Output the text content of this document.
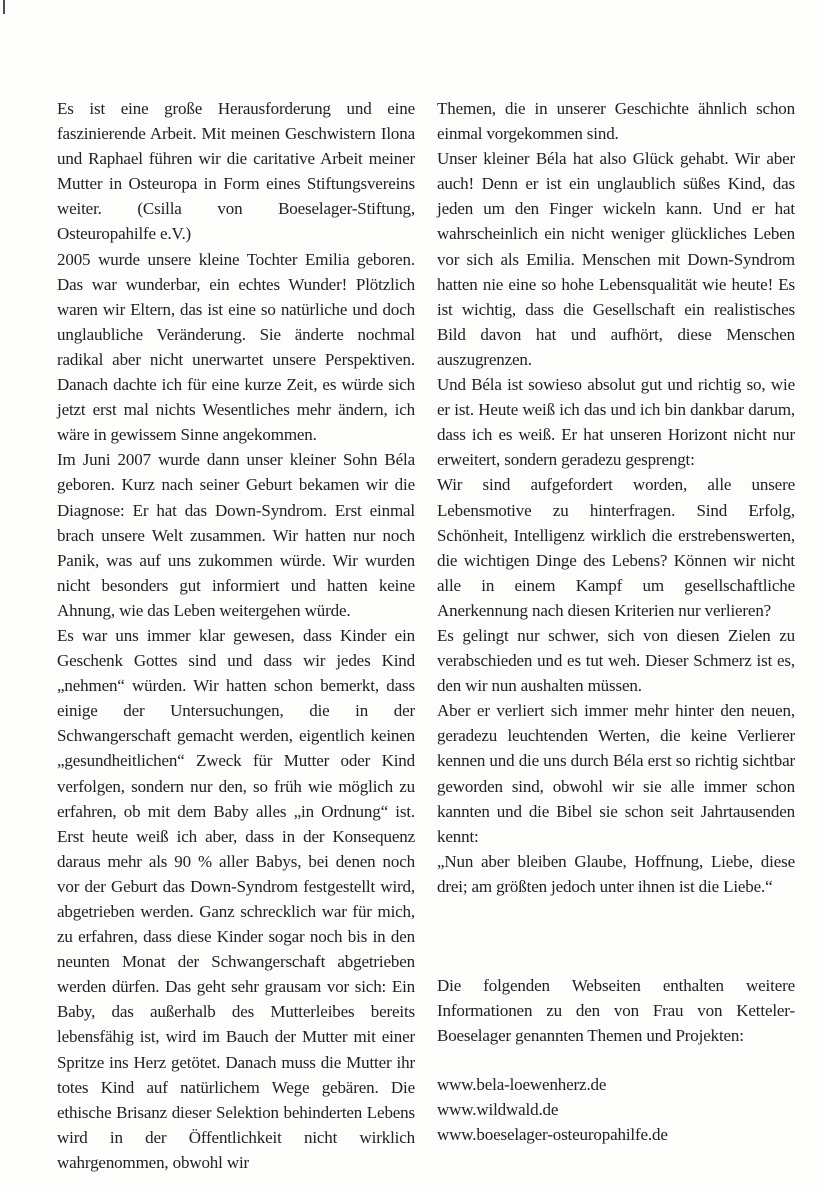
Es ist eine große Herausforderung und eine faszinierende Arbeit. Mit meinen Geschwistern Ilona und Raphael führen wir die caritative Arbeit meiner Mutter in Osteuropa in Form eines Stiftungsvereins weiter. (Csilla von Boeselager-Stiftung, Osteuropahilfe e.V.)

2005 wurde unsere kleine Tochter Emilia geboren. Das war wunderbar, ein echtes Wunder! Plötzlich waren wir Eltern, das ist eine so natürliche und doch unglaubliche Veränderung. Sie änderte nochmal radikal aber nicht unerwartet unsere Perspektiven. Danach dachte ich für eine kurze Zeit, es würde sich jetzt erst mal nichts Wesentliches mehr ändern, ich wäre in gewissem Sinne angekommen.

Im Juni 2007 wurde dann unser kleiner Sohn Béla geboren. Kurz nach seiner Geburt bekamen wir die Diagnose: Er hat das Down-Syndrom. Erst einmal brach unsere Welt zusammen. Wir hatten nur noch Panik, was auf uns zukommen würde. Wir wurden nicht besonders gut informiert und hatten keine Ahnung, wie das Leben weitergehen würde.

Es war uns immer klar gewesen, dass Kinder ein Geschenk Gottes sind und dass wir jedes Kind „nehmen“ würden. Wir hatten schon bemerkt, dass einige der Untersuchungen, die in der Schwangerschaft gemacht werden, eigentlich keinen „gesundheitlichen“ Zweck für Mutter oder Kind verfolgen, sondern nur den, so früh wie möglich zu erfahren, ob mit dem Baby alles „in Ordnung“ ist. Erst heute weiß ich aber, dass in der Konsequenz daraus mehr als 90 % aller Babys, bei denen noch vor der Geburt das Down-Syndrom festgestellt wird, abgetrieben werden. Ganz schrecklich war für mich, zu erfahren, dass diese Kinder sogar noch bis in den neunten Monat der Schwangerschaft abgetrieben werden dürfen. Das geht sehr grausam vor sich: Ein Baby, das außerhalb des Mutterleibes bereits lebensfähig ist, wird im Bauch der Mutter mit einer Spritze ins Herz getötet. Danach muss die Mutter ihr totes Kind auf natürlichem Wege gebären. Die ethische Brisanz dieser Selektion behinderten Lebens wird in der Öffentlichkeit nicht wirklich wahrgenommen, obwohl wir

Themen, die in unserer Geschichte ähnlich schon einmal vorgekommen sind.

Unser kleiner Béla hat also Glück gehabt. Wir aber auch! Denn er ist ein unglaublich süßes Kind, das jeden um den Finger wickeln kann. Und er hat wahrscheinlich ein nicht weniger glückliches Leben vor sich als Emilia. Menschen mit Down-Syndrom hatten nie eine so hohe Lebensqualität wie heute! Es ist wichtig, dass die Gesellschaft ein realistisches Bild davon hat und aufhört, diese Menschen auszugrenzen.

Und Béla ist sowieso absolut gut und richtig so, wie er ist. Heute weiß ich das und ich bin dankbar darum, dass ich es weiß. Er hat unseren Horizont nicht nur erweitert, sondern geradezu gesprengt:

Wir sind aufgefordert worden, alle unsere Lebensmotive zu hinterfragen. Sind Erfolg, Schönheit, Intelligenz wirklich die erstrebenswerten, die wichtigen Dinge des Lebens? Können wir nicht alle in einem Kampf um gesellschaftliche Anerkennung nach diesen Kriterien nur verlieren?

Es gelingt nur schwer, sich von diesen Zielen zu verabschieden und es tut weh. Dieser Schmerz ist es, den wir nun aushalten müssen.

Aber er verliert sich immer mehr hinter den neuen, geradezu leuchtenden Werten, die keine Verlierer kennen und die uns durch Béla erst so richtig sichtbar geworden sind, obwohl wir sie alle immer schon kannten und die Bibel sie schon seit Jahrtausenden kennt:

„Nun aber bleiben Glaube, Hoffnung, Liebe, diese drei; am größten jedoch unter ihnen ist die Liebe.“

Die folgenden Webseiten enthalten weitere Informationen zu den von Frau von Ketteler-Boeselager genannten Themen und Projekten:

www.bela-loewenherz.de

www.wildwald.de

www.boeselager-osteuropahilfe.de
